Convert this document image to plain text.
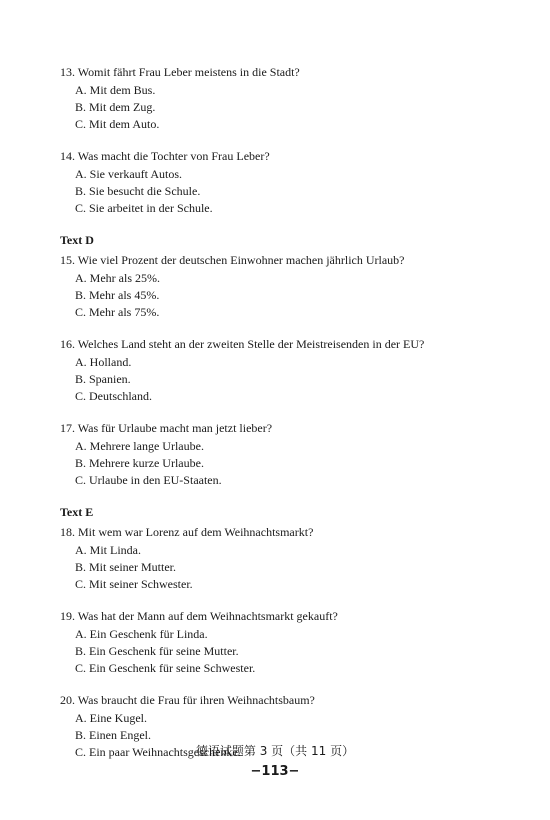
13. Womit fährt Frau Leber meistens in die Stadt?
A. Mit dem Bus.
B. Mit dem Zug.
C. Mit dem Auto.
14. Was macht die Tochter von Frau Leber?
A. Sie verkauft Autos.
B. Sie besucht die Schule.
C. Sie arbeitet in der Schule.
Text D
15. Wie viel Prozent der deutschen Einwohner machen jährlich Urlaub?
A. Mehr als 25%.
B. Mehr als 45%.
C. Mehr als 75%.
16. Welches Land steht an der zweiten Stelle der Meistreisenden in der EU?
A. Holland.
B. Spanien.
C. Deutschland.
17. Was für Urlaube macht man jetzt lieber?
A. Mehrere lange Urlaube.
B. Mehrere kurze Urlaube.
C. Urlaube in den EU-Staaten.
Text E
18. Mit wem war Lorenz auf dem Weihnachtsmarkt?
A. Mit Linda.
B. Mit seiner Mutter.
C. Mit seiner Schwester.
19. Was hat der Mann auf dem Weihnachtsmarkt gekauft?
A. Ein Geschenk für Linda.
B. Ein Geschenk für seine Mutter.
C. Ein Geschenk für seine Schwester.
20. Was braucht die Frau für ihren Weihnachtsbaum?
A. Eine Kugel.
B. Einen Engel.
C. Ein paar Weihnachtsgeschenke.
德语试题第 3 页（共 11 页）
−113−
